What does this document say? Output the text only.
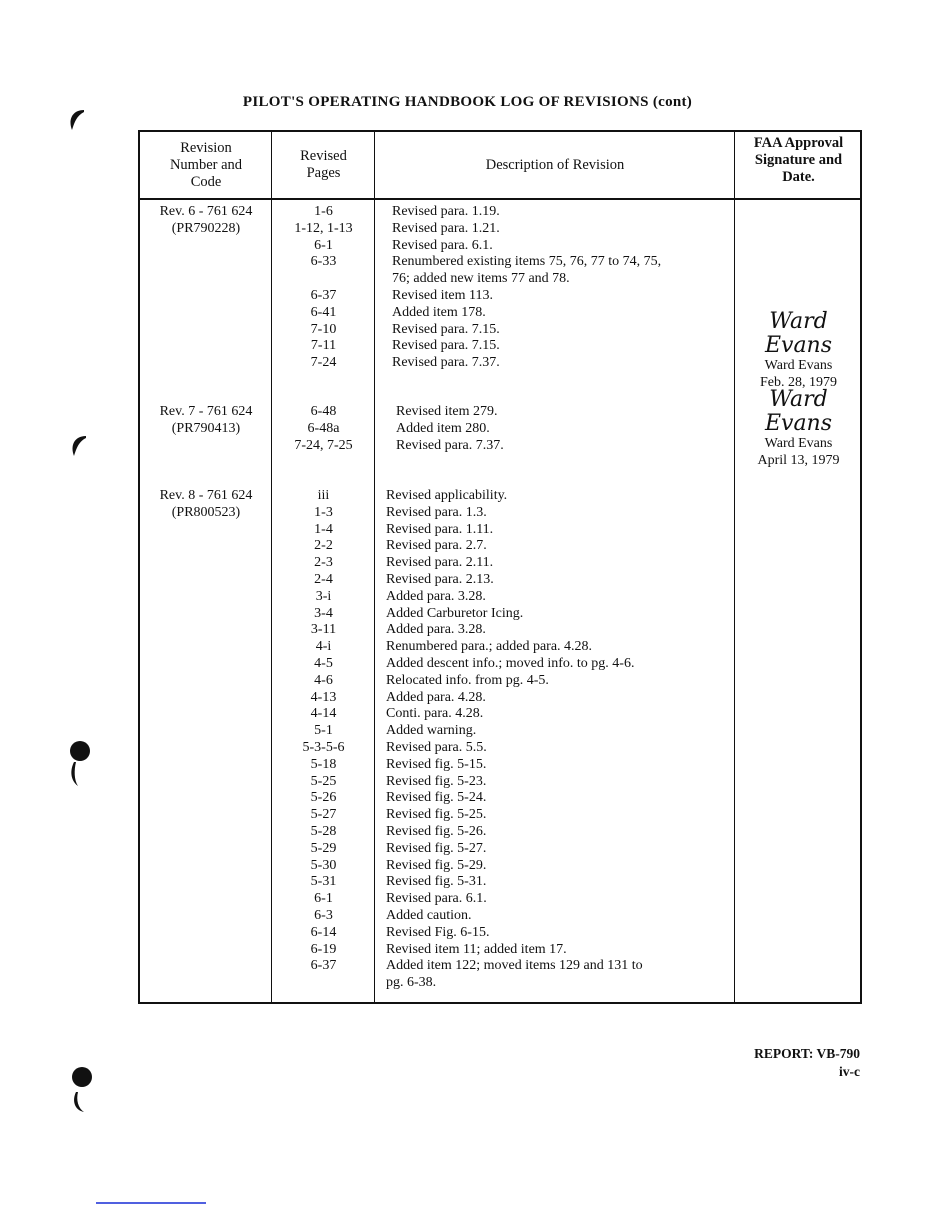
PILOT'S OPERATING HANDBOOK LOG OF REVISIONS (cont)
Revision
Number and
Code
Revised
Pages
Description of Revision
FAA Approval
Signature and
Date.
Rev. 6 - 761 624
(PR790228)
1-6
1-12, 1-13
6-1
6-33
6-37
6-41
7-10
7-11
7-24
Revised para. 1.19.
Revised para. 1.21.
Revised para. 6.1.
Renumbered existing items 75, 76, 77 to 74, 75,
76; added new items 77 and 78.
Revised item 113.
Added item 178.
Revised para. 7.15.
Revised para. 7.15.
Revised para. 7.37.
Ward Evans
Ward Evans
Feb. 28, 1979
Rev. 7 - 761 624
(PR790413)
6-48
6-48a
7-24, 7-25
Revised item 279.
Added item 280.
Revised para. 7.37.
Ward Evans
Ward Evans
April 13, 1979
Rev. 8 - 761 624
(PR800523)
iii
1-3
1-4
2-2
2-3
2-4
3-i
3-4
3-11
4-i
4-5
4-6
4-13
4-14
5-1
5-3-5-6
5-18
5-25
5-26
5-27
5-28
5-29
5-30
5-31
6-1
6-3
6-14
6-19
6-37
Revised applicability.
Revised para. 1.3.
Revised para. 1.11.
Revised para. 2.7.
Revised para. 2.11.
Revised para. 2.13.
Added para. 3.28.
Added Carburetor Icing.
Added para. 3.28.
Renumbered para.; added para. 4.28.
Added descent info.; moved info. to pg. 4-6.
Relocated info. from pg. 4-5.
Added para. 4.28.
Conti. para. 4.28.
Added warning.
Revised para. 5.5.
Revised fig. 5-15.
Revised fig. 5-23.
Revised fig. 5-24.
Revised fig. 5-25.
Revised fig. 5-26.
Revised fig. 5-27.
Revised fig. 5-29.
Revised fig. 5-31.
Revised para. 6.1.
Added caution.
Revised Fig. 6-15.
Revised item 11; added item 17.
Added item 122; moved items 129 and 131 to
pg. 6-38.
REPORT: VB-790
iv-c
